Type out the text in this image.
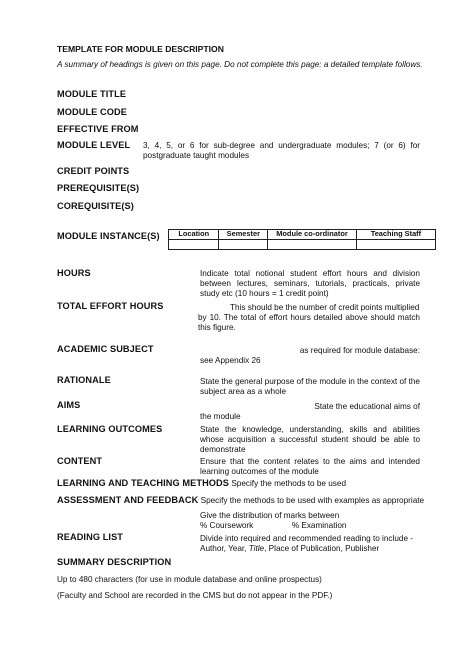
TEMPLATE FOR MODULE DESCRIPTION
A summary of headings is given on this page. Do not complete this page: a detailed template follows.
MODULE TITLE
MODULE CODE
EFFECTIVE FROM
MODULE LEVEL 3, 4, 5, or 6 for sub-degree and undergraduate modules; 7 (or 6) for postgraduate taught modules
CREDIT POINTS
PREREQUISITE(S)
COREQUISITE(S)
MODULE INSTANCE(S)	Location	Semester	Module co-ordinator	Teaching Staff

HOURS	Indicate total notional student effort hours and division between lectures, seminars, tutorials, practicals, private study etc (10 hours = 1 credit point)
TOTAL EFFORT HOURS	This should be the number of credit points multiplied
by 10. The total of effort hours detailed above should match this figure.
ACADEMIC SUBJECT	as required for module database:
see Appendix 26
RATIONALE	State the general purpose of the module in the context of the subject area as a whole
AIMS	State the educational aims of
the module
LEARNING OUTCOMES	State the knowledge, understanding, skills and abilities whose acquisition a successful student should be able to demonstrate
CONTENT	Ensure that the content relates to the aims and intended learning outcomes of the module
LEARNING AND TEACHING METHODS Specify the methods to be used
ASSESSMENT AND FEEDBACK Specify the methods to be used with examples as appropriate
Give the distribution of marks between
% Coursework	% Examination
READING LIST	Divide into required and recommended reading to include -
Author, Year, Title, Place of Publication, Publisher
SUMMARY DESCRIPTION
Up to 480 characters (for use in module database and online prospectus)
(Faculty and School are recorded in the CMS but do not appear in the PDF.)
